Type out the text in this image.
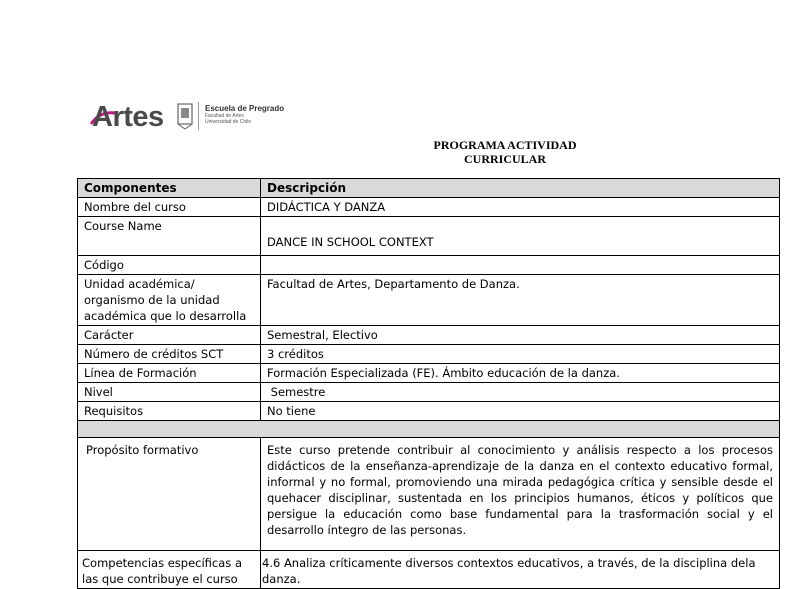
Artes	Escuela de Pregrado
Facultad de Artes
Universidad de Chile
PROGRAMA ACTIVIDAD
CURRICULAR
Componentes	Descripción
Nombre del curso	DIDÁCTICA Y DANZA
Course Name	DANCE IN SCHOOL CONTEXT

Código	
Unidad académica/ organismo de la unidad académica que lo desarrolla	Facultad de Artes, Departamento de Danza.
Carácter	Semestral, Electivo
Número de créditos SCT	3 créditos
Línea de Formación	Formación Especializada (FE). Ámbito educación de la danza.
Nivel	Semestre
Requisitos	No tiene

Propósito formativo	Este curso pretende contribuir al conocimiento y análisis respecto a los procesos didácticos de la enseñanza-aprendizaje de la danza en el contexto educativo formal, informal y no formal, promoviendo una mirada pedagógica crítica y sensible desde el quehacer disciplinar, sustentada en los principios humanos, éticos y políticos que persigue la educación como base fundamental para la trasformación social y el desarrollo íntegro de las personas.
Competencias específicas a las que contribuye el curso	4.6 Analiza críticamente diversos contextos educativos, a través, de la disciplina dela danza.
